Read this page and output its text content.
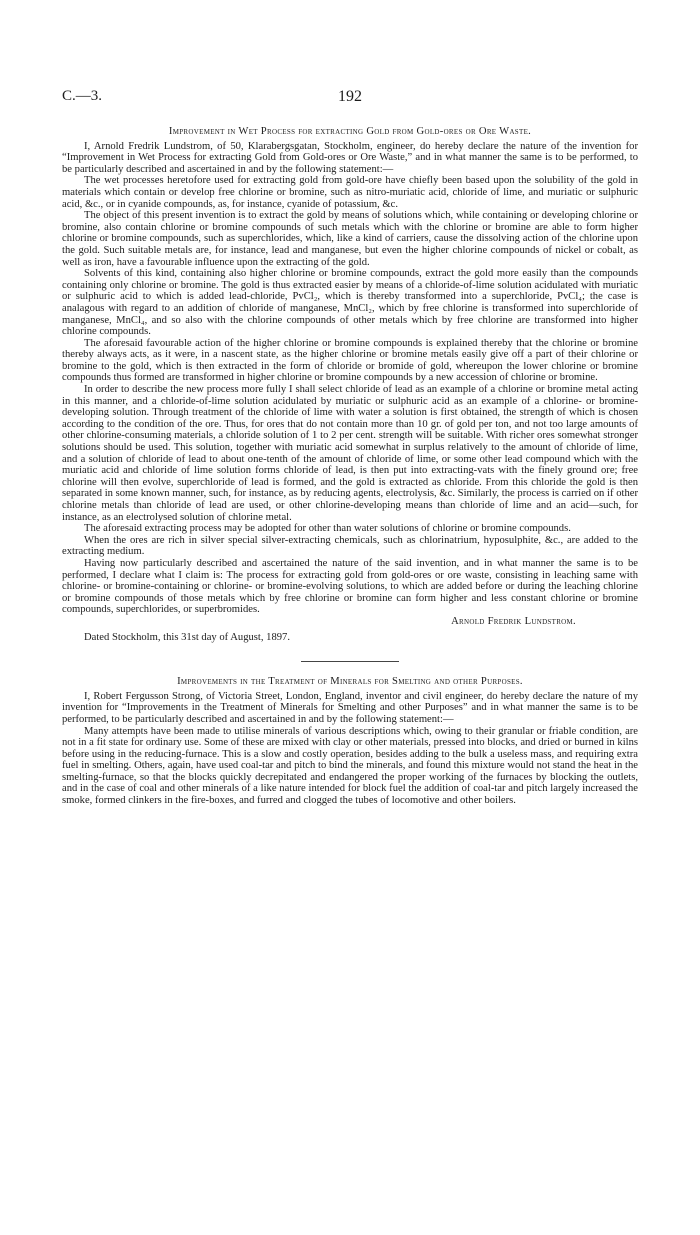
C.—3.	192
Improvement in Wet Process for extracting Gold from Gold-ores or Ore Waste.

I, Arnold Fredrik Lundstrom, of 50, Klarabergsgatan, Stockholm, engineer, do hereby declare the nature of the invention for “Improvement in Wet Process for extracting Gold from Gold-ores or Ore Waste,” and in what manner the same is to be performed, to be particularly described and ascertained in and by the following statement:—

The wet processes heretofore used for extracting gold from gold-ore have chiefly been based upon the solubility of the gold in materials which contain or develop free chlorine or bromine, such as nitro-muriatic acid, chloride of lime, and muriatic or sulphuric acid, &c., or in cyanide compounds, as, for instance, cyanide of potassium, &c.

The object of this present invention is to extract the gold by means of solutions which, while containing or developing chlorine or bromine, also contain chlorine or bromine compounds of such metals which with the chlorine or bromine are able to form higher chlorine or bromine compounds, such as superchlorides, which, like a kind of carriers, cause the dissolving action of the chlorine upon the gold. Such suitable metals are, for instance, lead and manganese, but even the higher chlorine compounds of nickel or cobalt, as well as iron, have a favourable influence upon the extracting of the gold.

Solvents of this kind, containing also higher chlorine or bromine compounds, extract the gold more easily than the compounds containing only chlorine or bromine. The gold is thus extracted easier by means of a chloride-of-lime solution acidulated with muriatic or sulphuric acid to which is added lead-chloride, PvCl₂, which is thereby transformed into a superchloride, PvCl₄; the case is analagous with regard to an addition of chloride of manganese, MnCl₂, which by free chlorine is transformed into superchloride of manganese, MnCl₄, and so also with the chlorine compounds of other metals which by free chlorine are transformed into higher chlorine compounds.

The aforesaid favourable action of the higher chlorine or bromine compounds is explained thereby that the chlorine or bromine thereby always acts, as it were, in a nascent state, as the higher chlorine or bromine metals easily give off a part of their chlorine or bromine to the gold, which is then extracted in the form of chloride or bromide of gold, whereupon the lower chlorine or bromine compounds thus formed are transformed in higher chlorine or bromine compounds by a new accession of chlorine or bromine.

In order to describe the new process more fully I shall select chloride of lead as an example of a chlorine or bromine metal acting in this manner, and a chloride-of-lime solution acidulated by muriatic or sulphuric acid as an example of a chlorine- or bromine-developing solution. Through treatment of the chloride of lime with water a solution is first obtained, the strength of which is chosen according to the condition of the ore. Thus, for ores that do not contain more than 10 gr. of gold per ton, and not too large amounts of other chlorine-consuming materials, a chloride solution of 1 to 2 per cent. strength will be suitable. With richer ores somewhat stronger solutions should be used. This solution, together with muriatic acid somewhat in surplus relatively to the amount of chloride of lime, and a solution of chloride of lead to about one-tenth of the amount of chloride of lime, or some other lead compound which with the muriatic acid and chloride of lime solution forms chloride of lead, is then put into extracting-vats with the finely ground ore; free chlorine will then evolve, superchloride of lead is formed, and the gold is extracted as chloride. From this chloride the gold is then separated in some known manner, such, for instance, as by reducing agents, electrolysis, &c. Similarly, the process is carried on if other chlorine metals than chloride of lead are used, or other chlorine-developing means than chloride of lime and an acid—such, for instance, as an electrolysed solution of chlorine metal.

The aforesaid extracting process may be adopted for other than water solutions of chlorine or bromine compounds.

When the ores are rich in silver special silver-extracting chemicals, such as chlorinatrium, hyposulphite, &c., are added to the extracting medium.

Having now particularly described and ascertained the nature of the said invention, and in what manner the same is to be performed, I declare what I claim is: The process for extracting gold from gold-ores or ore waste, consisting in leaching same with chlorine- or bromine-containing or chlorine- or bromine-evolving solutions, to which are added before or during the leaching chlorine or bromine compounds of those metals which by free chlorine or bromine can form higher and less constant chlorine or bromine compounds, superchlorides, or superbromides.

Arnold Fredrik Lundstrom.

Dated Stockholm, this 31st day of August, 1897.

Improvements in the Treatment of Minerals for Smelting and other Purposes.

I, Robert Fergusson Strong, of Victoria Street, London, England, inventor and civil engineer, do hereby declare the nature of my invention for “Improvements in the Treatment of Minerals for Smelting and other Purposes” and in what manner the same is to be performed, to be particularly described and ascertained in and by the following statement:—

Many attempts have been made to utilise minerals of various descriptions which, owing to their granular or friable condition, are not in a fit state for ordinary use. Some of these are mixed with clay or other materials, pressed into blocks, and dried or burned in kilns before using in the reducing-furnace. This is a slow and costly operation, besides adding to the bulk a useless mass, and requiring extra fuel in smelting. Others, again, have used coal-tar and pitch to bind the minerals, and found this mixture would not stand the heat in the smelting-furnace, so that the blocks quickly decrepitated and endangered the proper working of the furnaces by blocking the outlets, and in the case of coal and other minerals of a like nature intended for block fuel the addition of coal-tar and pitch largely increased the smoke, formed clinkers in the fire-boxes, and furred and clogged the tubes of locomotive and other boilers.
